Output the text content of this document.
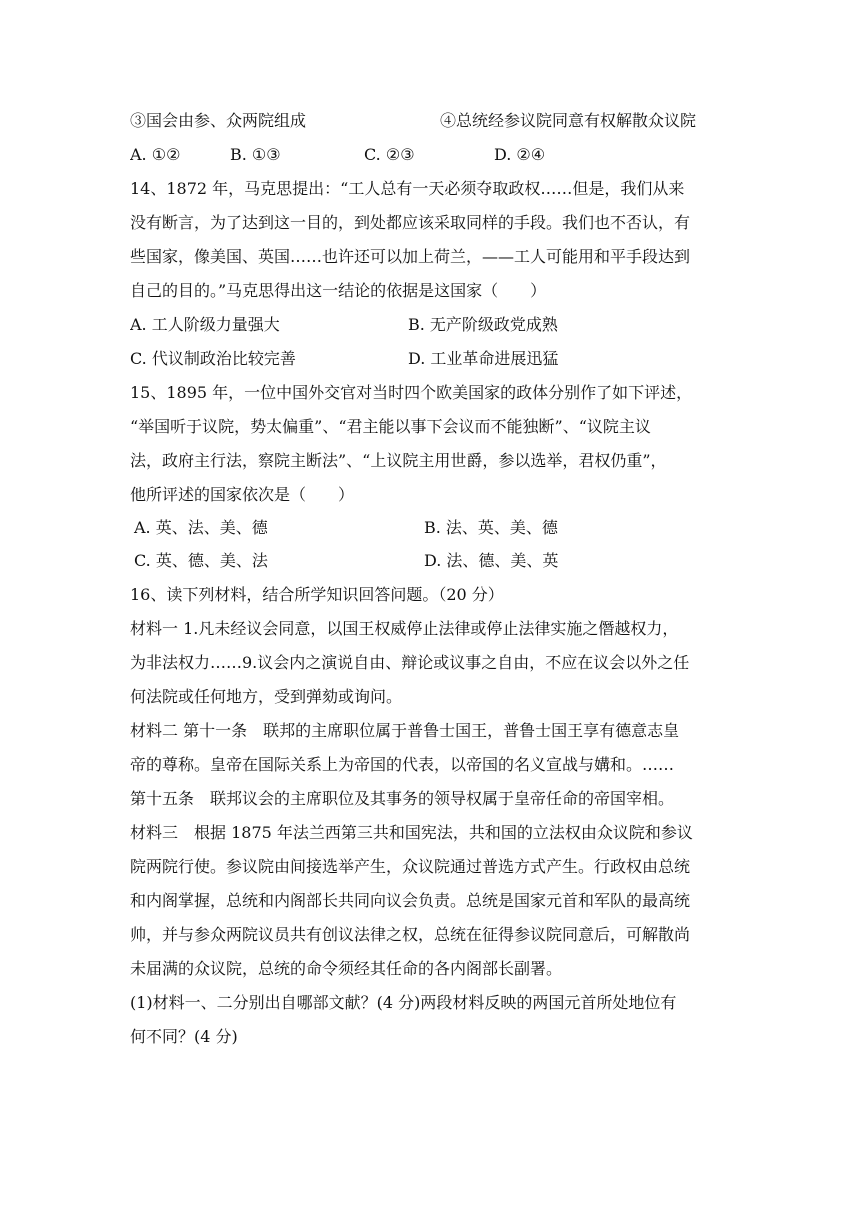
③国会由参、众两院组成	④总统经参议院同意有权解散众议院
A. ①②	B. ①③	C. ②③	D. ②④
14、1872 年，马克思提出：“工人总有一天必须夺取政权……但是，我们从来
没有断言，为了达到这一目的，到处都应该采取同样的手段。我们也不否认，有
些国家，像美国、英国……也许还可以加上荷兰，——工人可能用和平手段达到
自己的目的。”马克思得出这一结论的依据是这国家（　　）
A. 工人阶级力量强大	B. 无产阶级政党成熟
C. 代议制政治比较完善	D. 工业革命进展迅猛
15、1895 年，一位中国外交官对当时四个欧美国家的政体分别作了如下评述，
“举国听于议院，势太偏重”、“君主能以事下会议而不能独断”、“议院主议
法，政府主行法，察院主断法”、“上议院主用世爵，参以选举，君权仍重”，
他所评述的国家依次是（　　）
A. 英、法、美、德	B. 法、英、美、德
C. 英、德、美、法	D. 法、德、美、英
16、读下列材料，结合所学知识回答问题。（20 分）
材料一 1.凡未经议会同意，以国王权威停止法律或停止法律实施之僭越权力，
为非法权力……9.议会内之演说自由、辩论或议事之自由，不应在议会以外之任
何法院或任何地方，受到弹劾或询问。
材料二 第十一条　联邦的主席职位属于普鲁士国王，普鲁士国王享有德意志皇
帝的尊称。皇帝在国际关系上为帝国的代表，以帝国的名义宣战与媾和。……
第十五条　联邦议会的主席职位及其事务的领导权属于皇帝任命的帝国宰相。
材料三　根据 1875 年法兰西第三共和国宪法，共和国的立法权由众议院和参议
院两院行使。参议院由间接选举产生，众议院通过普选方式产生。行政权由总统
和内阁掌握，总统和内阁部长共同向议会负责。总统是国家元首和军队的最高统
帅，并与参众两院议员共有创议法律之权，总统在征得参议院同意后，可解散尚
未届满的众议院，总统的命令须经其任命的各内阁部长副署。
(1)材料一、二分别出自哪部文献？(4 分)两段材料反映的两国元首所处地位有
何不同？(4 分)
